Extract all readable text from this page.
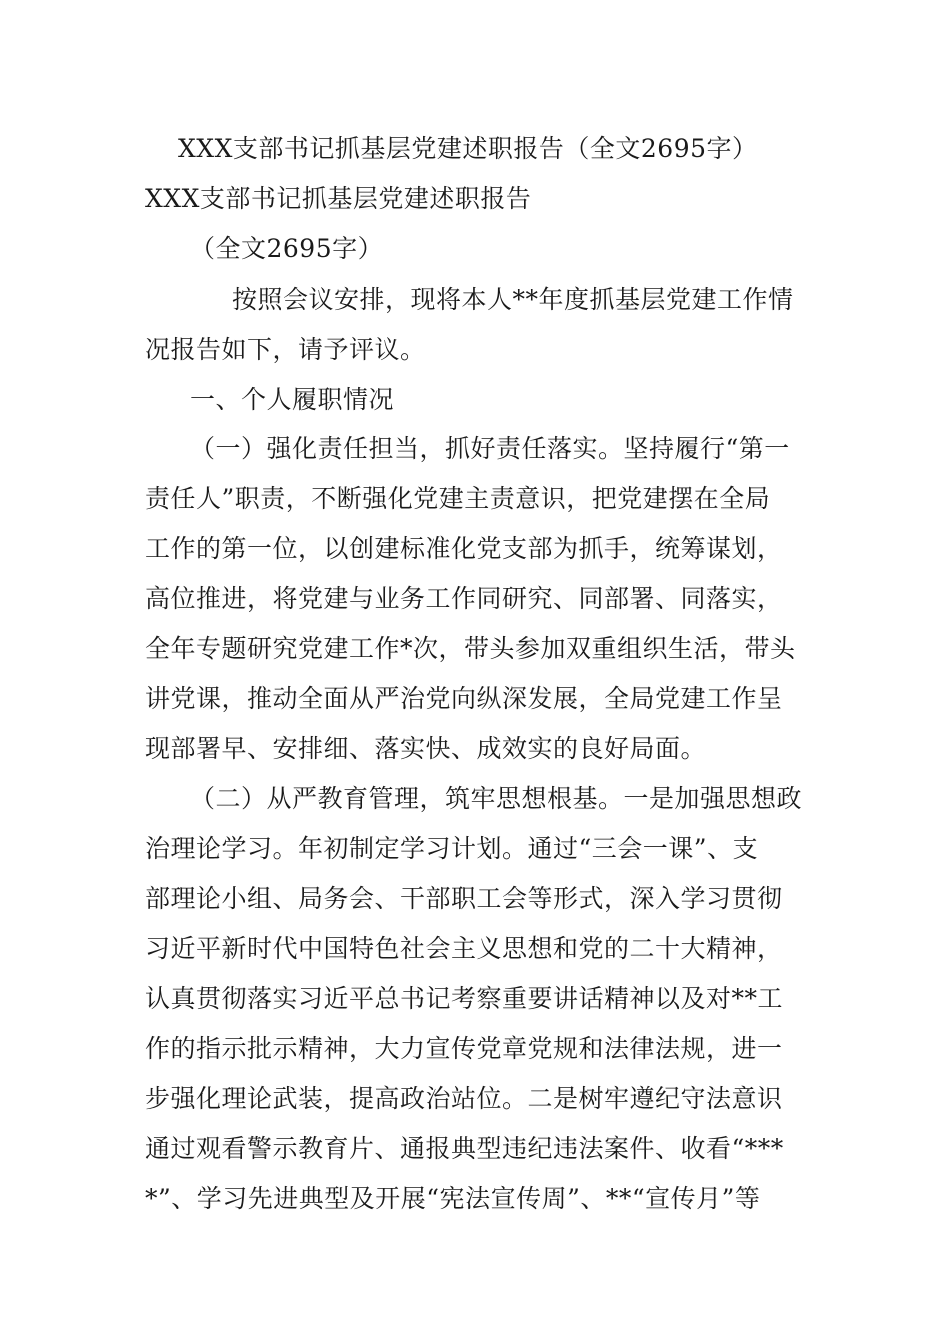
XXX支部书记抓基层党建述职报告（全文2695字）
XXX支部书记抓基层党建述职报告
（全文2695字）
按照会议安排，现将本人**年度抓基层党建工作情
况报告如下，请予评议。
一、个人履职情况
（一）强化责任担当，抓好责任落实。坚持履行“第一
责任人”职责，不断强化党建主责意识，把党建摆在全局
工作的第一位，以创建标准化党支部为抓手，统筹谋划，
高位推进，将党建与业务工作同研究、同部署、同落实，
全年专题研究党建工作*次，带头参加双重组织生活，带头
讲党课，推动全面从严治党向纵深发展，全局党建工作呈
现部署早、安排细、落实快、成效实的良好局面。
（二）从严教育管理，筑牢思想根基。一是加强思想政
治理论学习。年初制定学习计划。通过“三会一课”、支
部理论小组、局务会、干部职工会等形式，深入学习贯彻
习近平新时代中国特色社会主义思想和党的二十大精神，
认真贯彻落实习近平总书记考察重要讲话精神以及对**工
作的指示批示精神，大力宣传党章党规和法律法规，进一
步强化理论武装，提高政治站位。二是树牢遵纪守法意识
通过观看警示教育片、通报典型违纪违法案件、收看“***
*”、学习先进典型及开展“宪法宣传周”、**“宣传月”等
